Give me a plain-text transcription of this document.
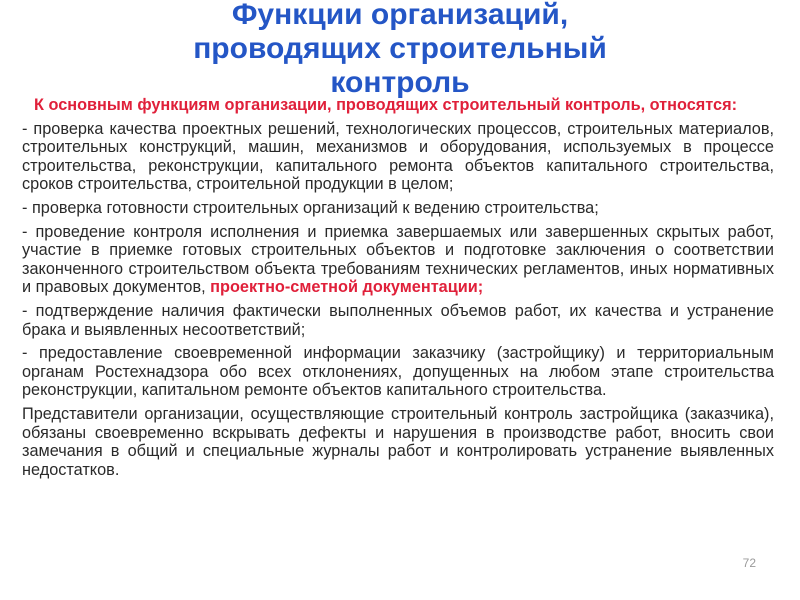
Функции организаций,
проводящих строительный
контроль

К основным функциям организации, проводящих строительный контроль, относятся:

- проверка качества проектных решений, технологических процессов, строительных материалов, строительных конструкций, машин, механизмов и оборудования, используемых в процессе строительства, реконструкции, капитального ремонта объектов капитального строительства, сроков строительства, строительной продукции в целом;

- проверка готовности строительных организаций к ведению строительства;

- проведение контроля исполнения и приемка завершаемых или завершенных скрытых работ, участие в приемке готовых строительных объектов и подготовке заключения о соответствии законченного строительством объекта требованиям технических регламентов, иных нормативных и правовых документов, проектно-сметной документации;

- подтверждение наличия фактически выполненных объемов работ, их качества и устранение брака и выявленных несоответствий;

- предоставление своевременной информации заказчику (застройщику) и территориальным органам Ростехнадзора обо всех отклонениях, допущенных на любом этапе строительства реконструкции, капитальном ремонте объектов капитального строительства.

Представители организации, осуществляющие строительный контроль застройщика (заказчика), обязаны своевременно вскрывать дефекты и нарушения в производстве работ, вносить свои замечания в общий и специальные журналы работ и контролировать устранение выявленных недостатков.

72
